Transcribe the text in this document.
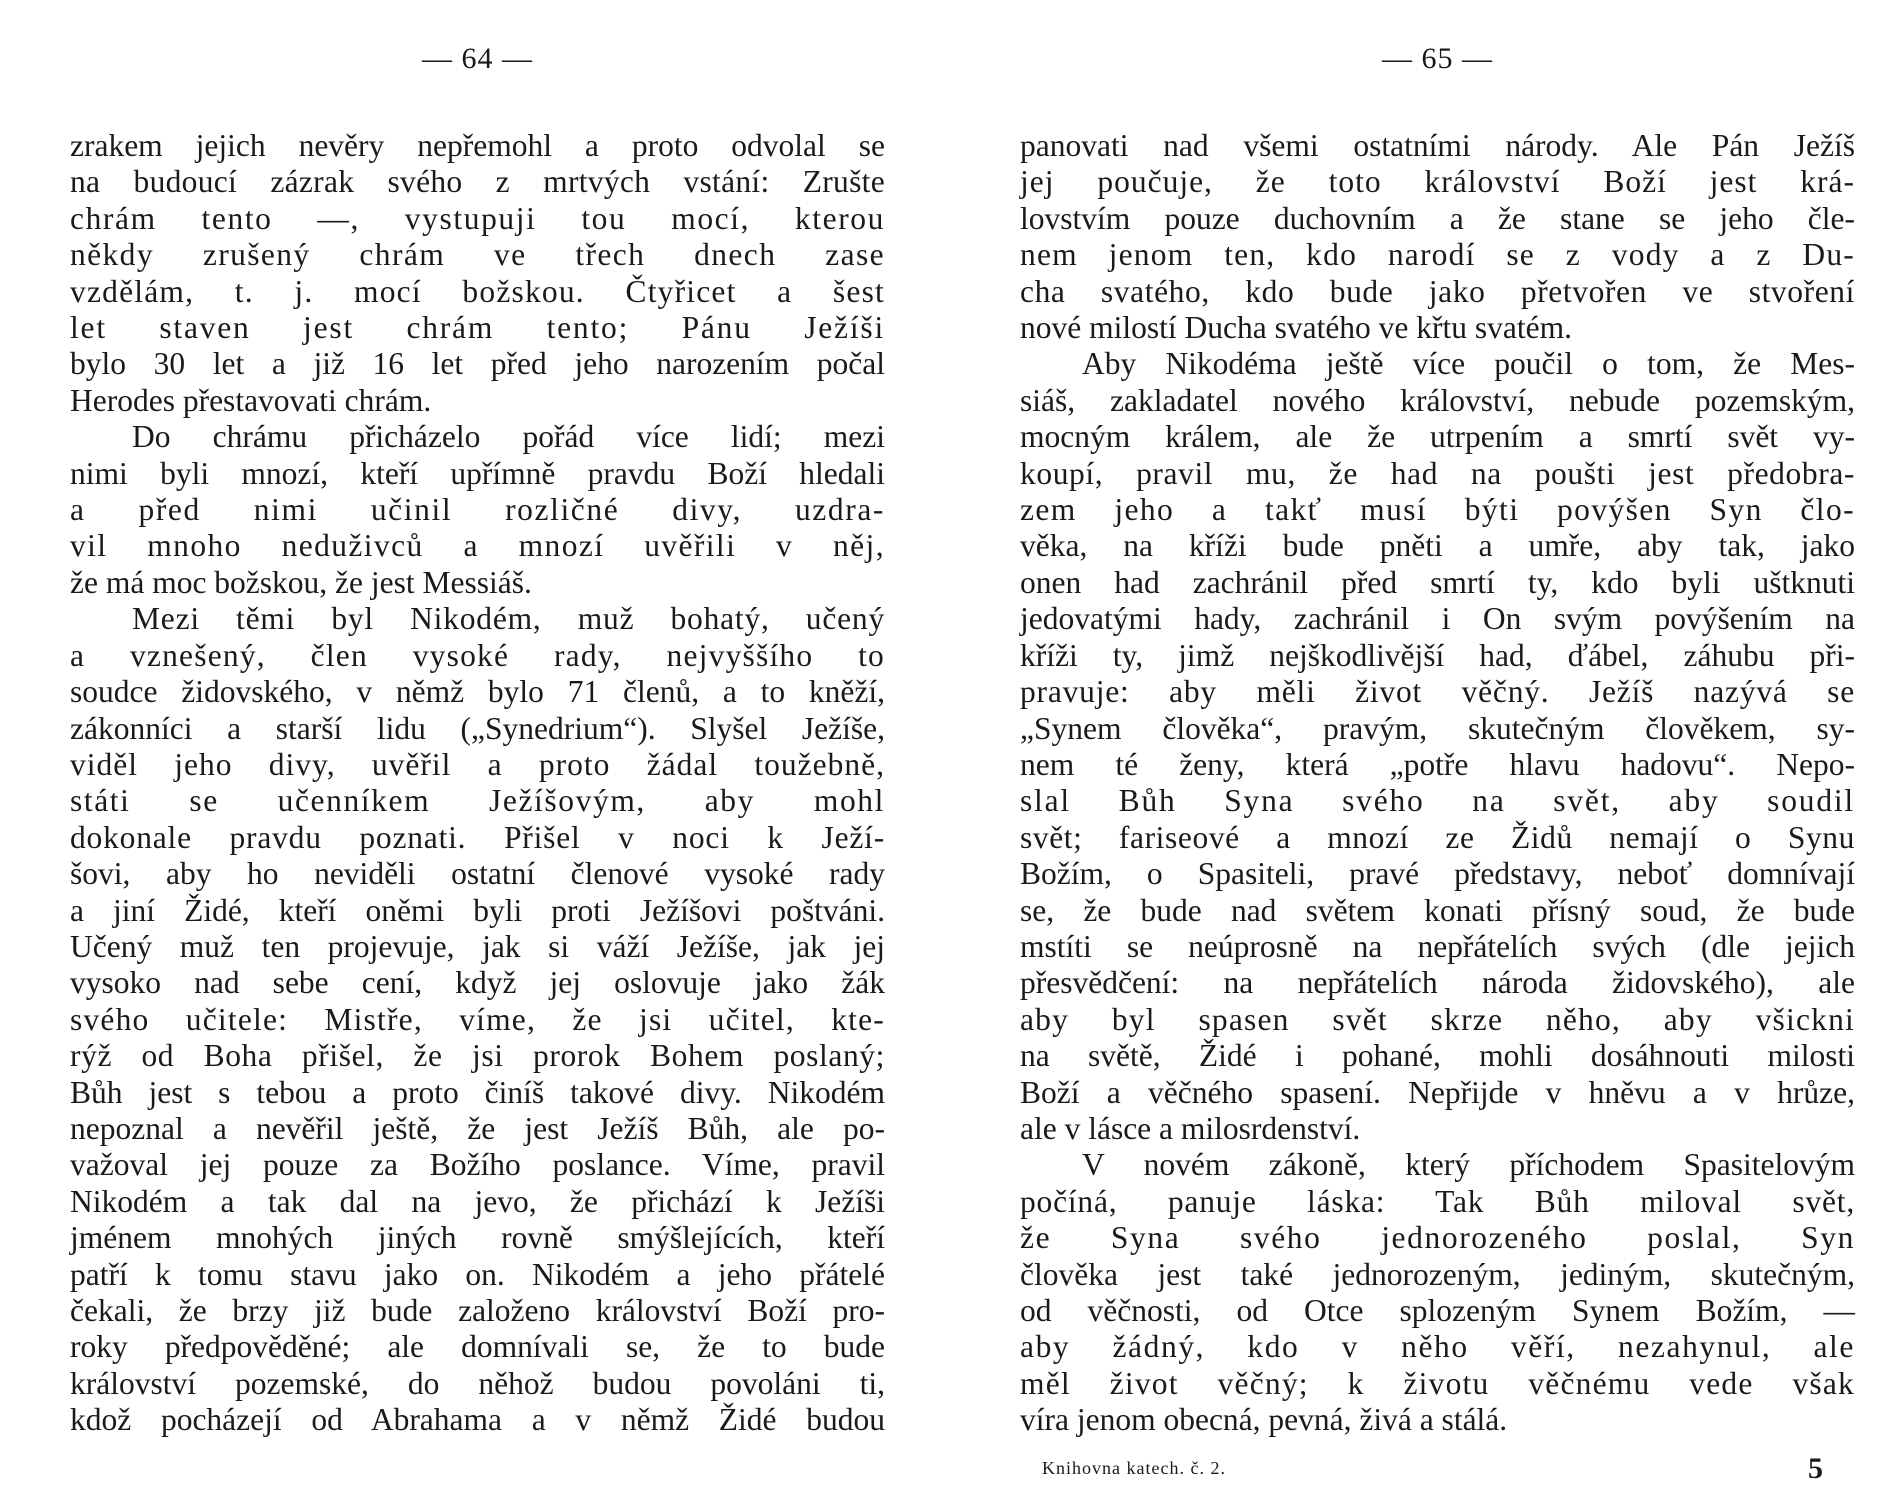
— 64 —
zrakem jejich nevěry nepřemohl a proto odvolal se
na budoucí zázrak svého z mrtvých vstání: Zrušte
chrám tento —, vystupuji tou mocí, kterou
někdy zrušený chrám ve třech dnech zase
vzdělám, t. j. mocí božskou. Čtyřicet a šest
let staven jest chrám tento; Pánu Ježíši
bylo 30 let a již 16 let před jeho narozením počal
Herodes přestavovati chrám.
Do chrámu přicházelo pořád více lidí; mezi
nimi byli mnozí, kteří upřímně pravdu Boží hledali
a před nimi učinil rozličné divy, uzdra-
vil mnoho neduživců a mnozí uvěřili v něj,
že má moc božskou, že jest Messiáš.
Mezi těmi byl Nikodém, muž bohatý, učený
a vznešený, člen vysoké rady, nejvyššího to
soudce židovského, v němž bylo 71 členů, a to kněží,
zákonníci a starší lidu („Synedrium“). Slyšel Ježíše,
viděl jeho divy, uvěřil a proto žádal toužebně,
státi se učenníkem Ježíšovým, aby mohl
dokonale pravdu poznati. Přišel v noci k Ježí-
šovi, aby ho neviděli ostatní členové vysoké rady
a jiní Židé, kteří oněmi byli proti Ježíšovi poštváni.
Učený muž ten projevuje, jak si váží Ježíše, jak jej
vysoko nad sebe cení, když jej oslovuje jako žák
svého učitele: Mistře, víme, že jsi učitel, kte-
rýž od Boha přišel, že jsi prorok Bohem poslaný;
Bůh jest s tebou a proto činíš takové divy. Nikodém
nepoznal a nevěřil ještě, že jest Ježíš Bůh, ale po-
važoval jej pouze za Božího poslance. Víme, pravil
Nikodém a tak dal na jevo, že přichází k Ježíši
jménem mnohých jiných rovně smýšlejících, kteří
patří k tomu stavu jako on. Nikodém a jeho přátelé
čekali, že brzy již bude založeno království Boží pro-
roky předpověděné; ale domnívali se, že to bude
království pozemské, do něhož budou povoláni ti,
kdož pocházejí od Abrahama a v němž Židé budou
— 65 —
panovati nad všemi ostatními národy. Ale Pán Ježíš
jej poučuje, že toto království Boží jest krá-
lovstvím pouze duchovním a že stane se jeho čle-
nem jenom ten, kdo narodí se z vody a z Du-
cha svatého, kdo bude jako přetvořen ve stvoření
nové milostí Ducha svatého ve křtu svatém.
Aby Nikodéma ještě více poučil o tom, že Mes-
siáš, zakladatel nového království, nebude pozemským,
mocným králem, ale že utrpením a smrtí svět vy-
koupí, pravil mu, že had na poušti jest předobra-
zem jeho a takť musí býti povýšen Syn člo-
věka, na kříži bude pněti a umře, aby tak, jako
onen had zachránil před smrtí ty, kdo byli uštknuti
jedovatými hady, zachránil i On svým povýšením na
kříži ty, jimž nejškodlivější had, ďábel, záhubu při-
pravuje: aby měli život věčný. Ježíš nazývá se
„Synem člověka“, pravým, skutečným člověkem, sy-
nem té ženy, která „potře hlavu hadovu“. Nepo-
slal Bůh Syna svého na svět, aby soudil
svět; fariseové a mnozí ze Židů nemají o Synu
Božím, o Spasiteli, pravé představy, neboť domnívají
se, že bude nad světem konati přísný soud, že bude
mstíti se neúprosně na nepřátelích svých (dle jejich
přesvědčení: na nepřátelích národa židovského), ale
aby byl spasen svět skrze něho, aby všickni
na světě, Židé i pohané, mohli dosáhnouti milosti
Boží a věčného spasení. Nepřijde v hněvu a v hrůze,
ale v lásce a milosrdenství.
V novém zákoně, který příchodem Spasitelovým
počíná, panuje láska: Tak Bůh miloval svět,
že Syna svého jednorozeného poslal, Syn
člověka jest také jednorozeným, jediným, skutečným,
od věčnosti, od Otce splozeným Synem Božím, —
aby žádný, kdo v něho věří, nezahynul, ale
měl život věčný; k životu věčnému vede však
víra jenom obecná, pevná, živá a stálá.
Knihovna katech. č. 2.	5
